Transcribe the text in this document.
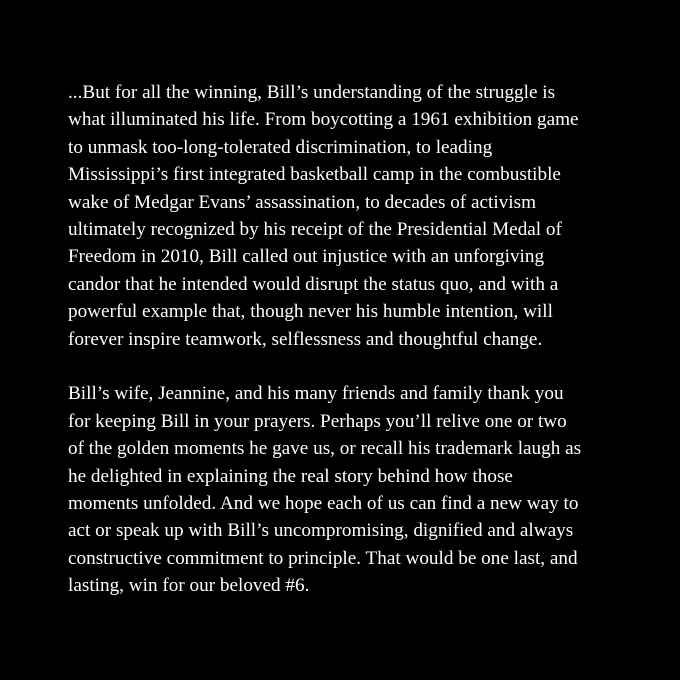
...But for all the winning, Bill’s understanding of the struggle is
what illuminated his life. From boycotting a 1961 exhibition game
to unmask too-long-tolerated discrimination, to leading
Mississippi’s first integrated basketball camp in the combustible
wake of Medgar Evans’ assassination, to decades of activism
ultimately recognized by his receipt of the Presidential Medal of
Freedom in 2010, Bill called out injustice with an unforgiving
candor that he intended would disrupt the status quo, and with a
powerful example that, though never his humble intention, will
forever inspire teamwork, selflessness and thoughtful change.
Bill’s wife, Jeannine, and his many friends and family thank you
for keeping Bill in your prayers. Perhaps you’ll relive one or two
of the golden moments he gave us, or recall his trademark laugh as
he delighted in explaining the real story behind how those
moments unfolded. And we hope each of us can find a new way to
act or speak up with Bill’s uncompromising, dignified and always
constructive commitment to principle. That would be one last, and
lasting, win for our beloved #6.
